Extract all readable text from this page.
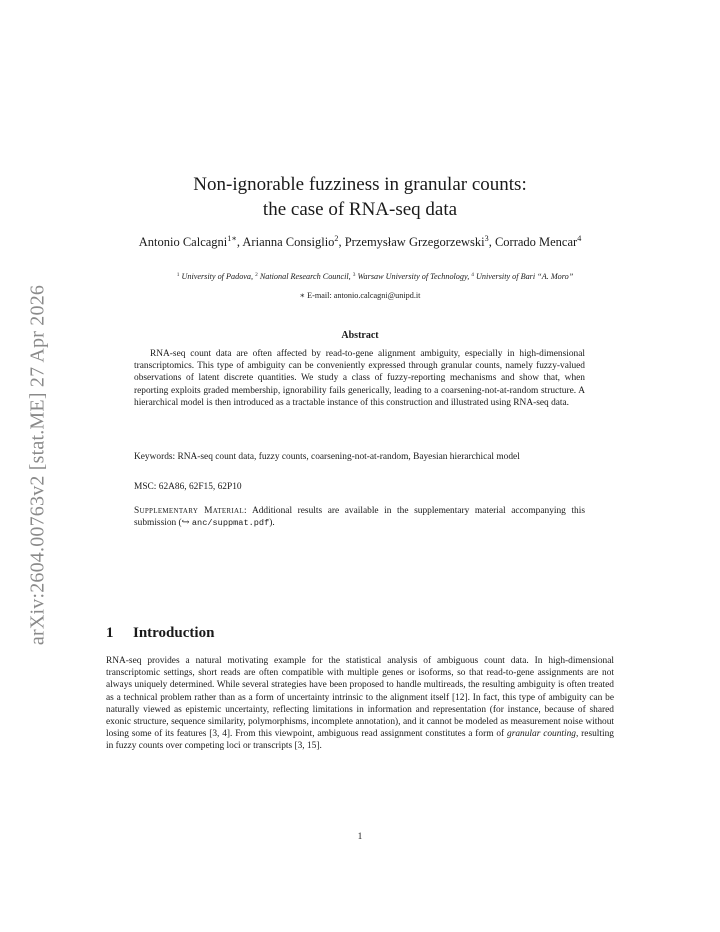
arXiv:2604.00763v2 [stat.ME] 27 Apr 2026
Non-ignorable fuzziness in granular counts:
the case of RNA-seq data
Antonio Calcagni$^{1∗}$, Arianna Consiglio$^2$, Przemysław Grzegorzewski$^3$, Corrado Mencar$^4$
$^1$ University of Padova, $^2$ National Research Council, $^3$ Warsaw University of Technology, $^4$ University of Bari “A. Moro”
∗ E-mail: antonio.calcagni@unipd.it
Abstract
RNA-seq count data are often affected by read-to-gene alignment ambiguity, especially in high-dimensional transcriptomics. This type of ambiguity can be conveniently expressed through granular counts, namely fuzzy-valued observations of latent discrete quantities. We study a class of fuzzy-reporting mechanisms and show that, when reporting exploits graded membership, ignorability fails generically, leading to a coarsening-not-at-random structure. A hierarchical model is then introduced as a tractable instance of this construction and illustrated using RNA-seq data.
Keywords: RNA-seq count data, fuzzy counts, coarsening-not-at-random, Bayesian hierarchical model
MSC: 62A86, 62F15, 62P10
Supplementary Material: Additional results are available in the supplementary material accompanying this submission (↪ anc/suppmat.pdf).
1 Introduction
RNA-seq provides a natural motivating example for the statistical analysis of ambiguous count data. In high-dimensional transcriptomic settings, short reads are often compatible with multiple genes or isoforms, so that read-to-gene assignments are not always uniquely determined. While several strategies have been proposed to handle multireads, the resulting ambiguity is often treated as a technical problem rather than as a form of uncertainty intrinsic to the alignment itself [12]. In fact, this type of ambiguity can be naturally viewed as epistemic uncertainty, reflecting limitations in information and representation (for instance, because of shared exonic structure, sequence similarity, polymorphisms, incomplete annotation), and it cannot be modeled as measurement noise without losing some of its features [3, 4]. From this viewpoint, ambiguous read assignment constitutes a form of granular counting, resulting in fuzzy counts over competing loci or transcripts [3, 15].
1
